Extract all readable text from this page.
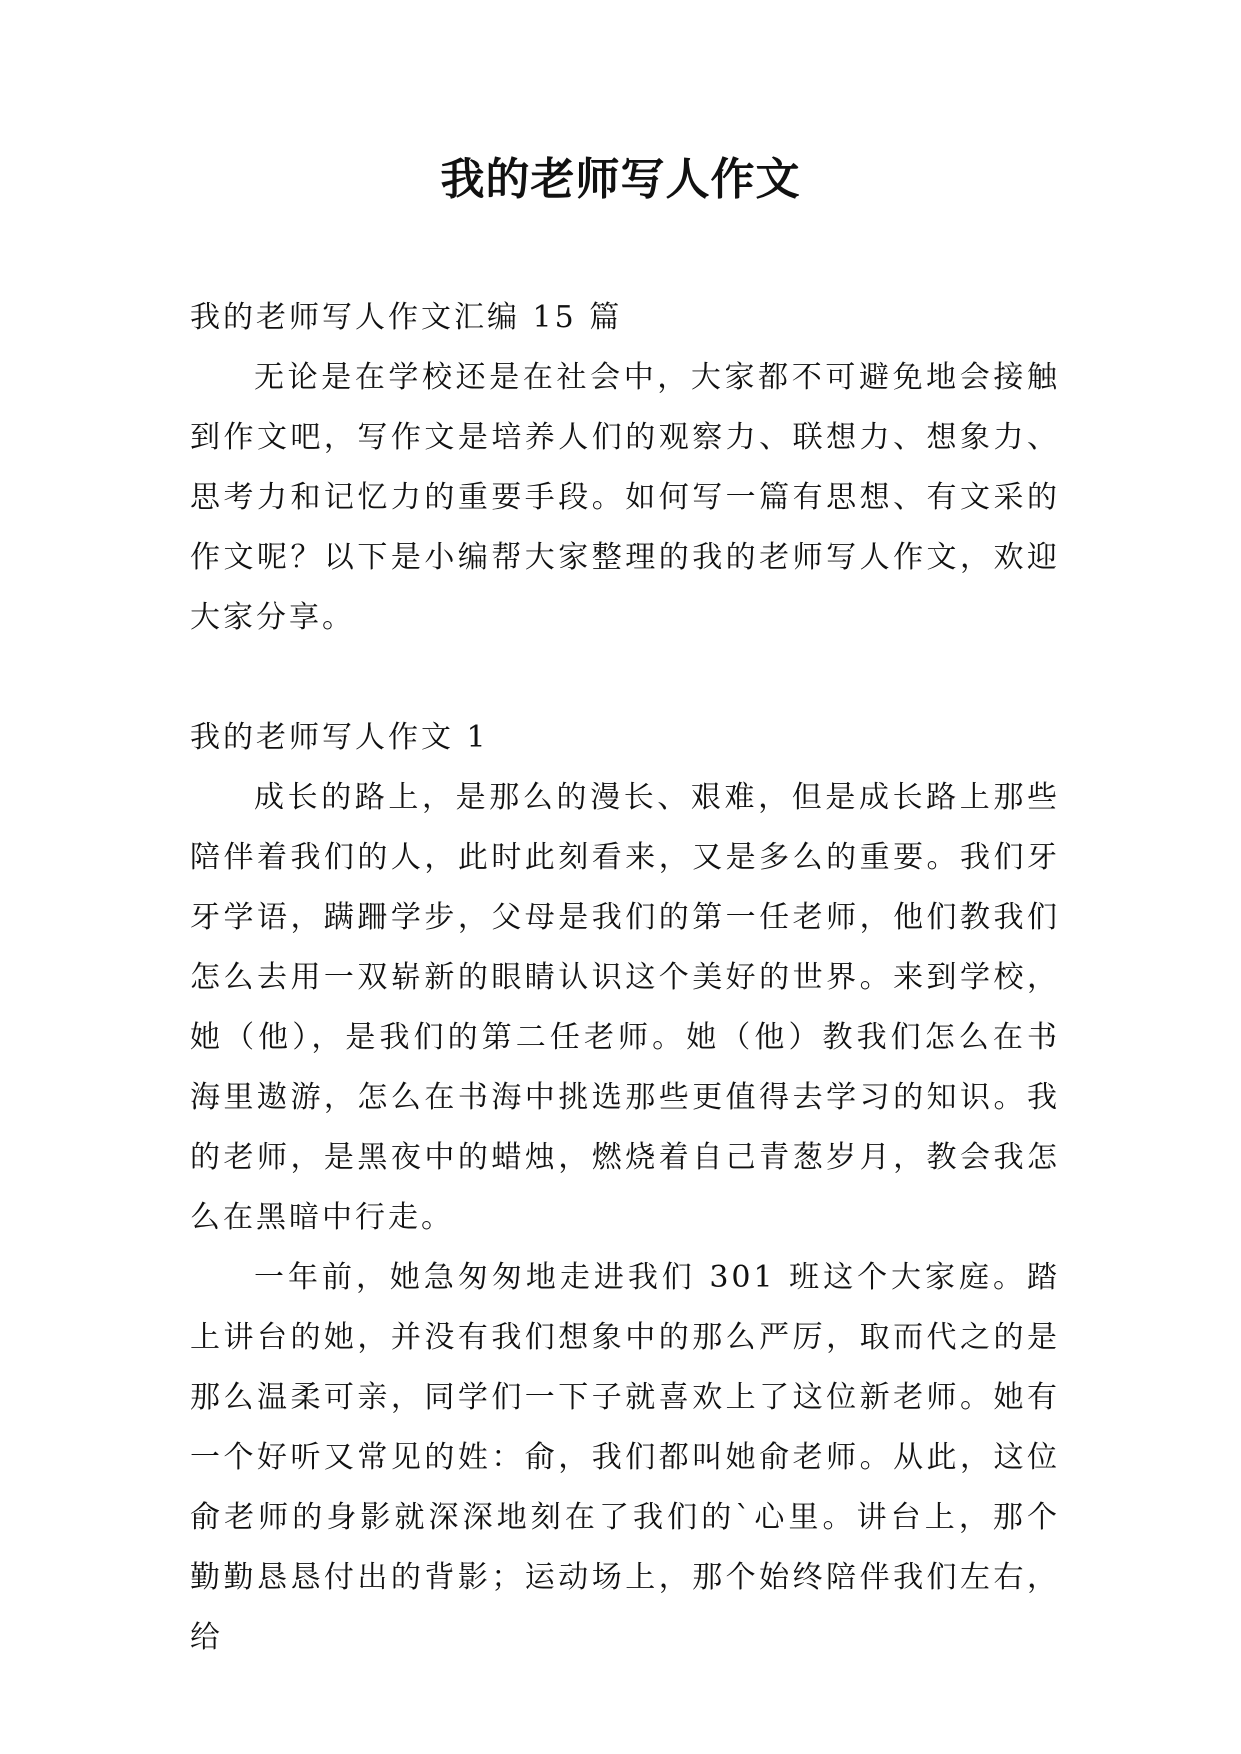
我的老师写人作文

我的老师写人作文汇编 15 篇

无论是在学校还是在社会中，大家都不可避免地会接触到作文吧，写作文是培养人们的观察力、联想力、想象力、思考力和记忆力的重要手段。如何写一篇有思想、有文采的作文呢？以下是小编帮大家整理的我的老师写人作文，欢迎大家分享。

我的老师写人作文 1

成长的路上，是那么的漫长、艰难，但是成长路上那些陪伴着我们的人，此时此刻看来，又是多么的重要。我们牙牙学语，蹒跚学步，父母是我们的第一任老师，他们教我们怎么去用一双崭新的眼睛认识这个美好的世界。来到学校，她（他），是我们的第二任老师。她（他）教我们怎么在书海里遨游，怎么在书海中挑选那些更值得去学习的知识。我的老师，是黑夜中的蜡烛，燃烧着自己青葱岁月，教会我怎么在黑暗中行走。

一年前，她急匆匆地走进我们 301 班这个大家庭。踏上讲台的她，并没有我们想象中的那么严厉，取而代之的是那么温柔可亲，同学们一下子就喜欢上了这位新老师。她有一个好听又常见的姓：俞，我们都叫她俞老师。从此，这位俞老师的身影就深深地刻在了我们的`心里。讲台上，那个勤勤恳恳付出的背影；运动场上，那个始终陪伴我们左右，给
